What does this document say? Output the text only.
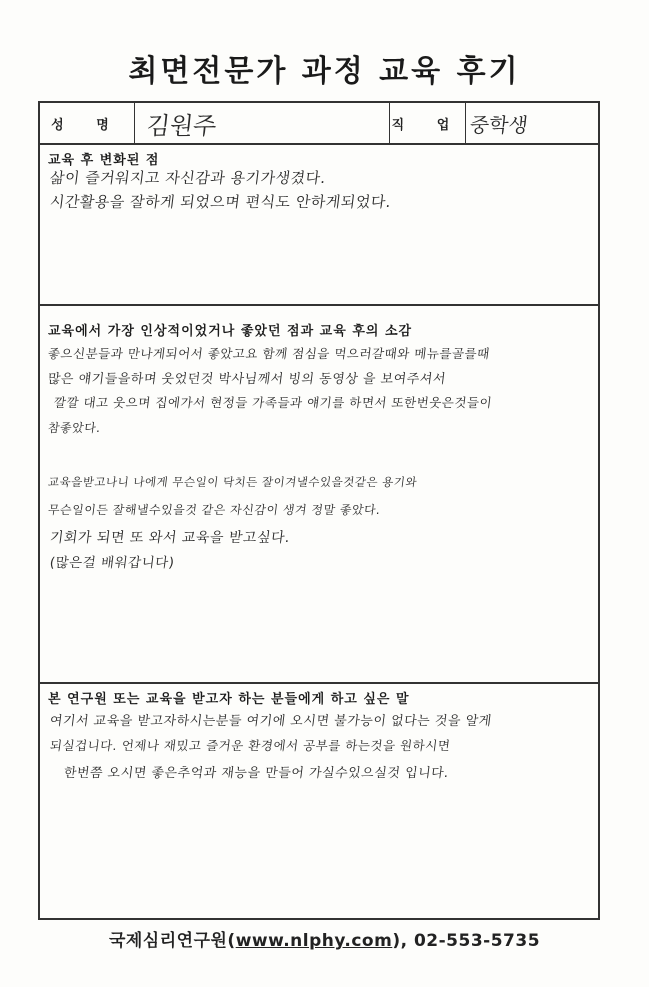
최면전문가 과정 교육 후기
성 명 김원주	직 업 중학생
교육 후 변화된 점
삶이 즐거워지고 자신감과 용기가생겼다.
시간활용을 잘하게 되었으며 편식도 안하게되었다.
교육에서 가장 인상적이었거나 좋았던 점과 교육 후의 소감
좋으신분들과 만나게되어서 좋았고요 함께 점심을 먹으러갈때와 메뉴를골를때
많은 얘기들을하며 웃었던것 박사님께서 빙의 동영상 을 보여주셔서
깔깔 대고 웃으며 집에가서 현정들 가족들과 얘기를 하면서 또한번웃은것들이
참좋았다.
교육을받고나니 나에게 무슨일이 닥치든 잘이겨낼수있을것같은 용기와
무슨일이든 잘해낼수있을것 같은 자신감이 생겨 정말 좋았다.
기회가 되면 또 와서 교육을 받고싶다.
(많은걸 배워갑니다)
본 연구원 또는 교육을 받고자 하는 분들에게 하고 싶은 말
여기서 교육을 받고자하시는분들 여기에 오시면 불가능이 없다는 것을 알게
되실겁니다. 언제나 재밌고 즐거운 환경에서 공부를 하는것을 원하시면
한번쯤 오시면 좋은추억과 재능을 만들어 가실수있으실것 입니다.
국제심리연구원(www.nlphy.com), 02-553-5735
